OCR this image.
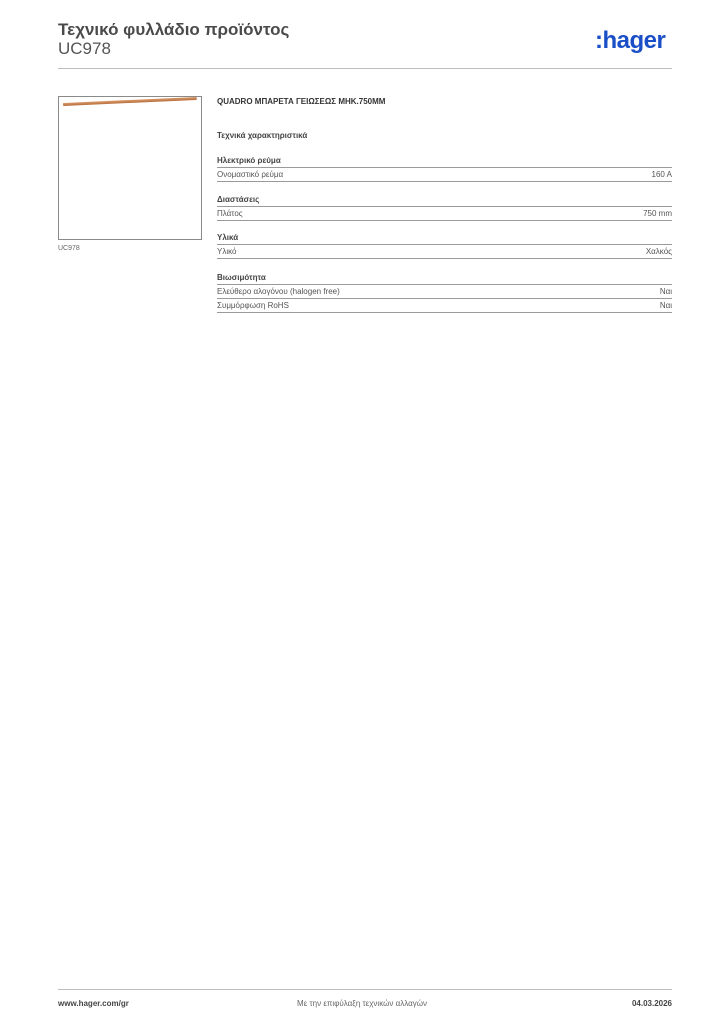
Τεχνικό φυλλάδιο προϊόντος
UC978	:hager
UC978
QUADRO ΜΠΑΡΕΤΑ ΓΕΙΩΣΕΩΣ ΜΗΚ.750ΜΜ
Τεχνικά χαρακτηριστικά
Ηλεκτρικό ρεύμα
Ονομαστικό ρεύμα	160 A
Διαστάσεις
Πλάτος	750 mm
Υλικά
Υλικό	Χαλκός
Βιωσιμότητα
Ελεύθερο αλογόνου (halogen free)	Ναι
Συμμόρφωση RoHS	Ναι
www.hager.com/gr	Με την επιφύλαξη τεχνικών αλλαγών	04.03.2026
